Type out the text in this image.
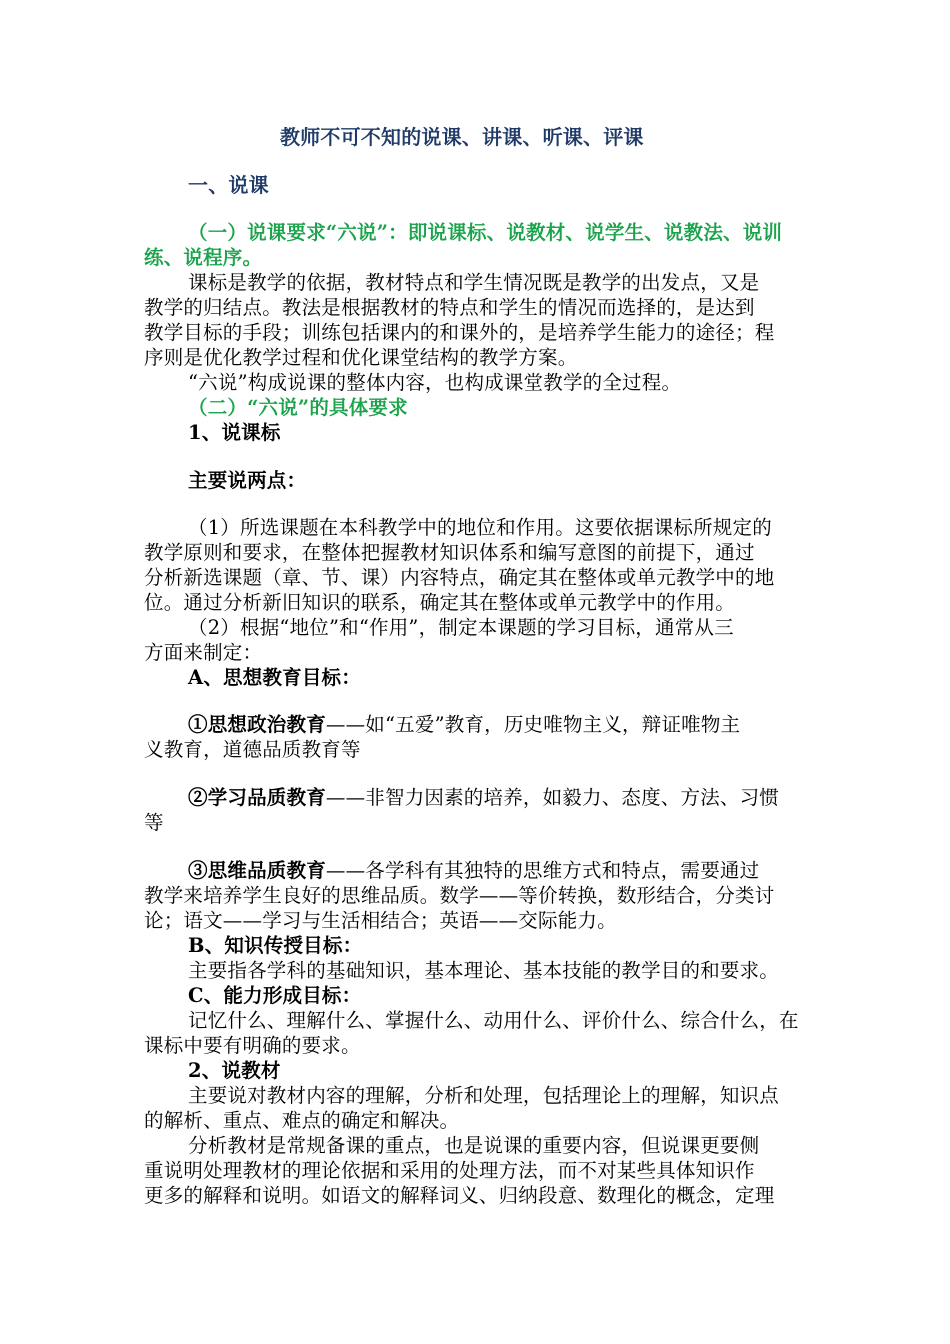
教师不可不知的说课、讲课、听课、评课
一、说课
（一）说课要求“六说”：即说课标、说教材、说学生、说教法、说训
练、说程序。
课标是教学的依据，教材特点和学生情况既是教学的出发点，又是
教学的归结点。教法是根据教材的特点和学生的情况而选择的，是达到
教学目标的手段；训练包括课内的和课外的，是培养学生能力的途径；程
序则是优化教学过程和优化课堂结构的教学方案。
“六说”构成说课的整体内容，也构成课堂教学的全过程。
（二）“六说”的具体要求
1、说课标
主要说两点：
（1）所选课题在本科教学中的地位和作用。这要依据课标所规定的
教学原则和要求，在整体把握教材知识体系和编写意图的前提下，通过
分析新选课题（章、节、课）内容特点，确定其在整体或单元教学中的地
位。通过分析新旧知识的联系，确定其在整体或单元教学中的作用。
（2）根据“地位”和“作用”，制定本课题的学习目标，通常从三
方面来制定：
A、思想教育目标：
①思想政治教育——如“五爱”教育，历史唯物主义，辩证唯物主
义教育，道德品质教育等
②学习品质教育——非智力因素的培养，如毅力、态度、方法、习惯
等
③思维品质教育——各学科有其独特的思维方式和特点，需要通过
教学来培养学生良好的思维品质。数学——等价转换，数形结合，分类讨
论；语文——学习与生活相结合；英语——交际能力。
B、知识传授目标：
主要指各学科的基础知识，基本理论、基本技能的教学目的和要求。
C、能力形成目标：
记忆什么、理解什么、掌握什么、动用什么、评价什么、综合什么，在
课标中要有明确的要求。
2、说教材
主要说对教材内容的理解，分析和处理，包括理论上的理解，知识点
的解析、重点、难点的确定和解决。
分析教材是常规备课的重点，也是说课的重要内容，但说课更要侧
重说明处理教材的理论依据和采用的处理方法，而不对某些具体知识作
更多的解释和说明。如语文的解释词义、归纳段意、数理化的概念，定理
